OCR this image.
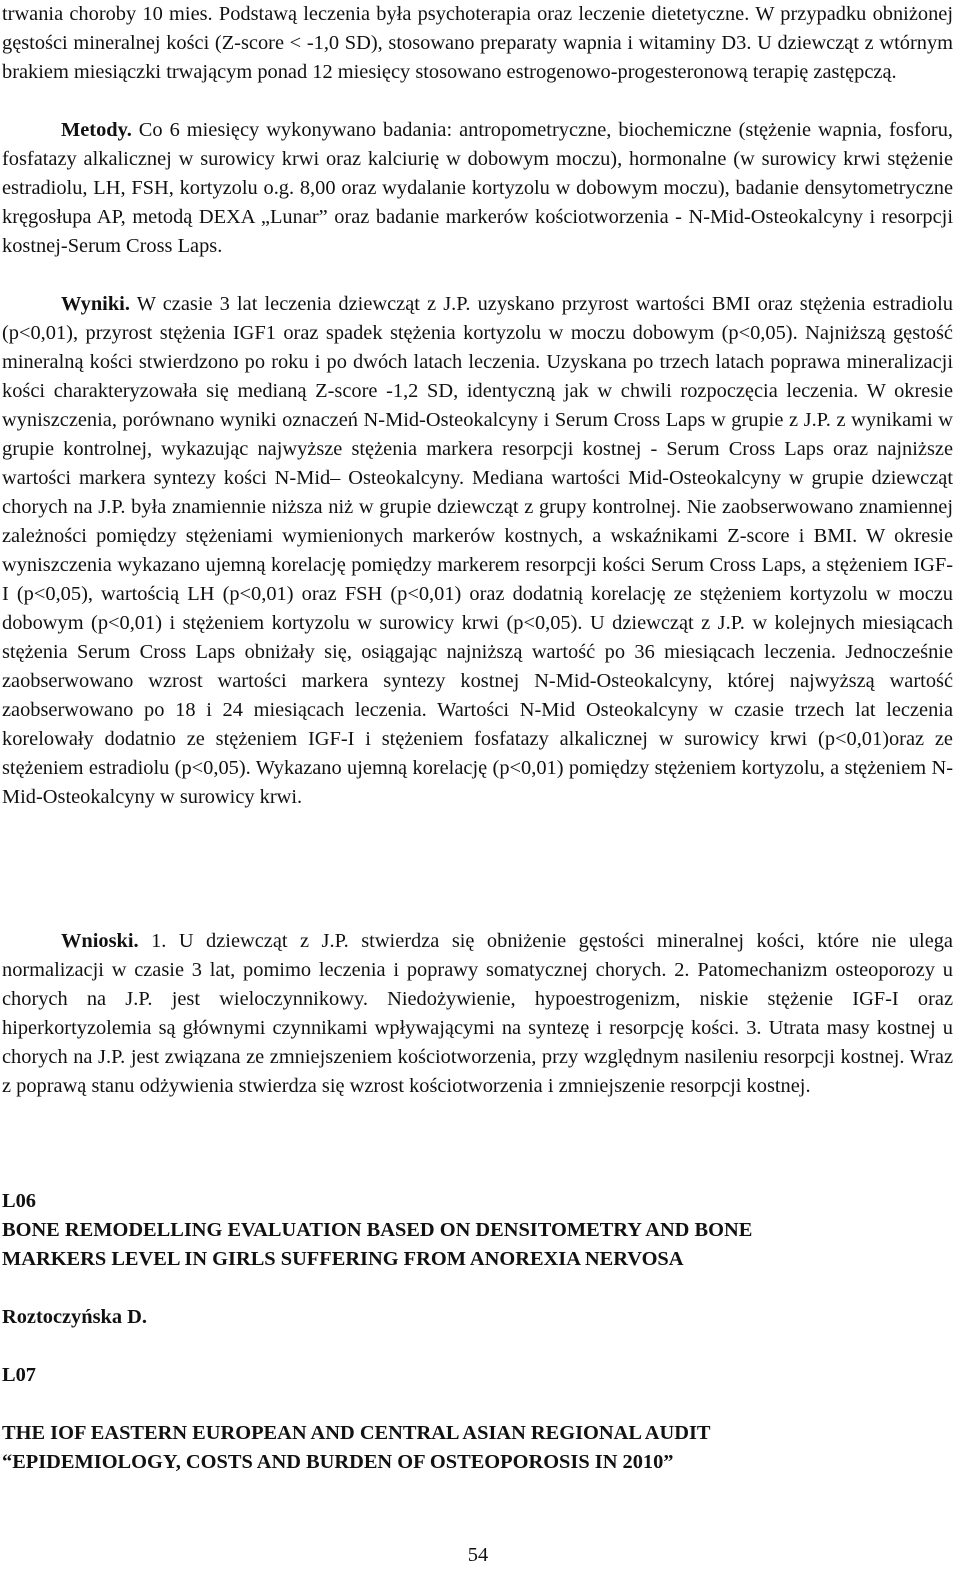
trwania choroby 10 mies. Podstawą leczenia była psychoterapia oraz leczenie dietetyczne. W przypadku obniżonej gęstości mineralnej kości (Z-score < -1,0 SD), stosowano preparaty wapnia i witaminy D3. U dziewcząt z wtórnym brakiem miesiączki trwającym ponad 12 miesięcy stosowano estrogenowo-progesteronową terapię zastępczą.

Metody. Co 6 miesięcy wykonywano badania: antropometryczne, biochemiczne (stężenie wapnia, fosforu, fosfatazy alkalicznej w surowicy krwi oraz kalciurię w dobowym moczu), hormonalne (w surowicy krwi stężenie estradiolu, LH, FSH, kortyzolu o.g. 8,00 oraz wydalanie kortyzolu w dobowym moczu), badanie densytometryczne kręgosłupa AP, metodą DEXA „Lunar” oraz badanie markerów kościotworzenia - N-Mid-Osteokalcyny i resorpcji kostnej-Serum Cross Laps.

Wyniki. W czasie 3 lat leczenia dziewcząt z J.P. uzyskano przyrost wartości BMI oraz stężenia estradiolu (p<0,01), przyrost stężenia IGF1 oraz spadek stężenia kortyzolu w moczu dobowym (p<0,05). Najniższą gęstość mineralną kości stwierdzono po roku i po dwóch latach leczenia. Uzyskana po trzech latach poprawa mineralizacji kości charakteryzowała się medianą Z-score -1,2 SD, identyczną jak w chwili rozpoczęcia leczenia. W okresie wyniszczenia, porównano wyniki oznaczeń N-Mid-Osteokalcyny i Serum Cross Laps w grupie z J.P. z wynikami w grupie kontrolnej, wykazując najwyższe stężenia markera resorpcji kostnej - Serum Cross Laps oraz najniższe wartości markera syntezy kości N-Mid– Osteokalcyny. Mediana wartości Mid-Osteokalcyny w grupie dziewcząt chorych na J.P. była znamiennie niższa niż w grupie dziewcząt z grupy kontrolnej. Nie zaobserwowano znamiennej zależności pomiędzy stężeniami wymienionych markerów kostnych, a wskaźnikami Z-score i BMI. W okresie wyniszczenia wykazano ujemną korelację pomiędzy markerem resorpcji kości Serum Cross Laps, a stężeniem IGF-I (p<0,05), wartością LH (p<0,01) oraz FSH (p<0,01) oraz dodatnią korelację ze stężeniem kortyzolu w moczu dobowym (p<0,01) i stężeniem kortyzolu w surowicy krwi (p<0,05). U dziewcząt z J.P. w kolejnych miesiącach stężenia Serum Cross Laps obniżały się, osiągając najniższą wartość po 36 miesiącach leczenia. Jednocześnie zaobserwowano wzrost wartości markera syntezy kostnej N-Mid-Osteokalcyny, której najwyższą wartość zaobserwowano po 18 i 24 miesiącach leczenia. Wartości N-Mid Osteokalcyny w czasie trzech lat leczenia korelowały dodatnio ze stężeniem IGF-I i stężeniem fosfatazy alkalicznej w surowicy krwi (p<0,01)oraz ze stężeniem estradiolu (p<0,05). Wykazano ujemną korelację (p<0,01) pomiędzy stężeniem kortyzolu, a stężeniem N-Mid-Osteokalcyny w surowicy krwi.

Wnioski. 1. U dziewcząt z J.P. stwierdza się obniżenie gęstości mineralnej kości, które nie ulega normalizacji w czasie 3 lat, pomimo leczenia i poprawy somatycznej chorych. 2. Patomechanizm osteoporozy u chorych na J.P. jest wieloczynnikowy. Niedożywienie, hypoestrogenizm, niskie stężenie IGF-I oraz hiperkortyzolemia są głównymi czynnikami wpływającymi na syntezę i resorpcję kości. 3. Utrata masy kostnej u chorych na J.P. jest związana ze zmniejszeniem kościotworzenia, przy względnym nasileniu resorpcji kostnej. Wraz z poprawą stanu odżywienia stwierdza się wzrost kościotworzenia i zmniejszenie resorpcji kostnej.

L06

BONE REMODELLING EVALUATION BASED ON DENSITOMETRY AND BONE

MARKERS LEVEL IN GIRLS SUFFERING FROM ANOREXIA NERVOSA

Roztoczyńska D.

L07

THE IOF EASTERN EUROPEAN AND CENTRAL ASIAN REGIONAL AUDIT

“EPIDEMIOLOGY, COSTS AND BURDEN OF OSTEOPOROSIS IN 2010”

54
